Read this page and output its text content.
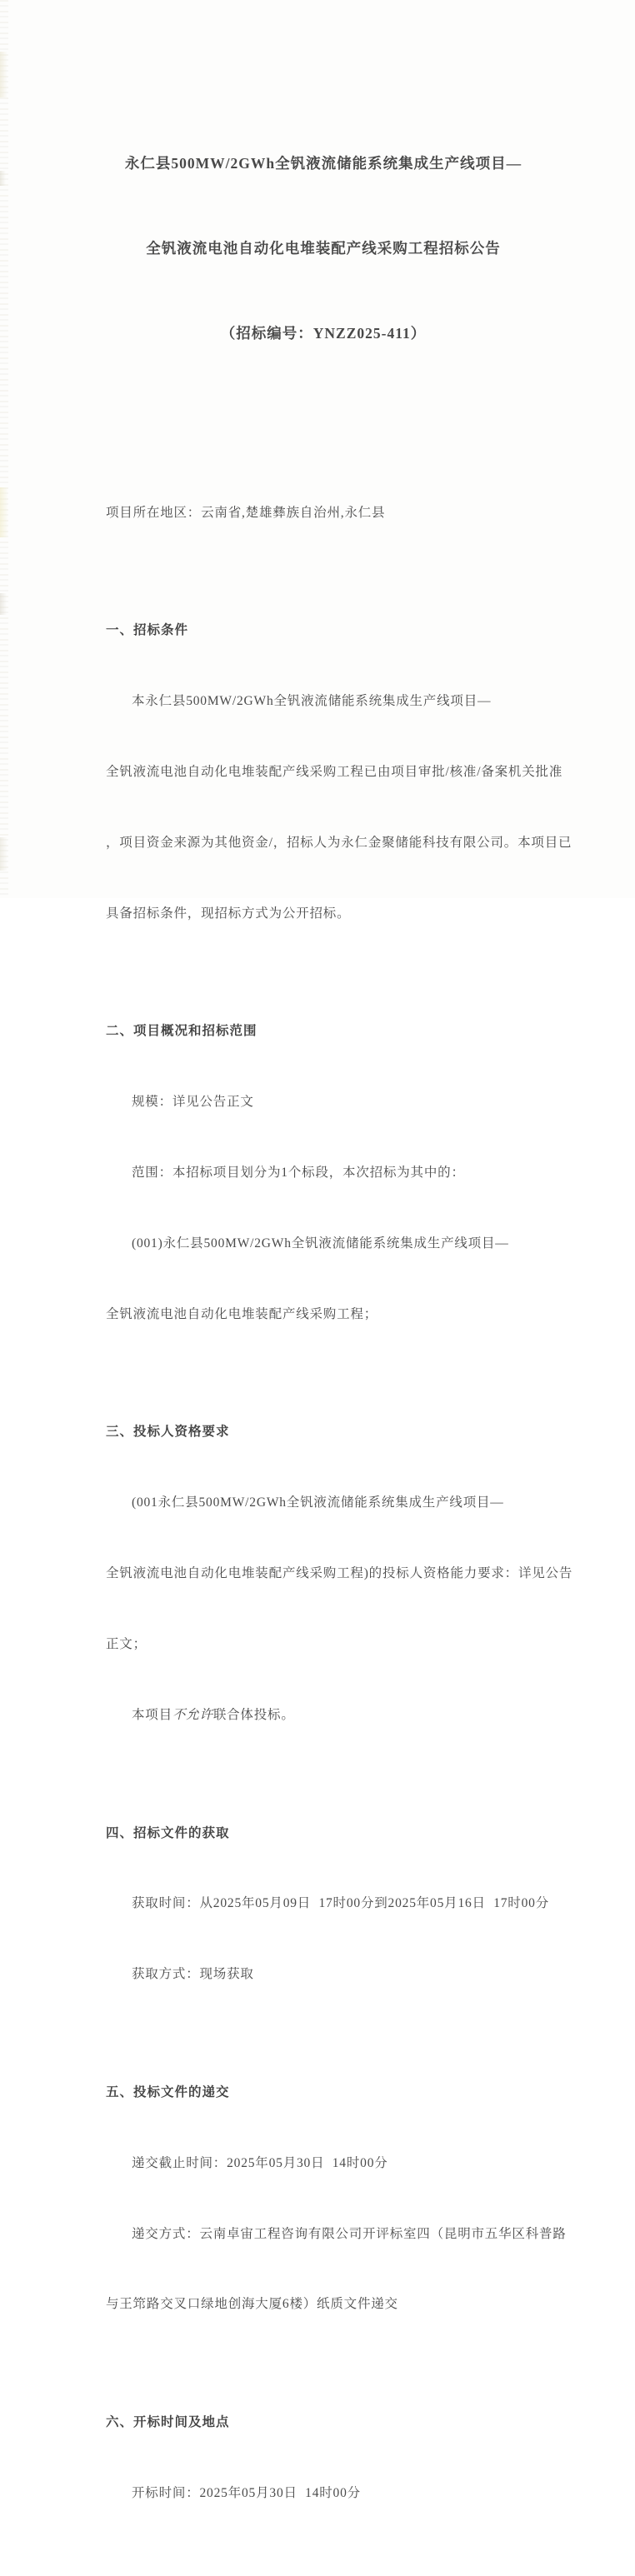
永仁县500MW/2GWh全钒液流储能系统集成生产线项目—

全钒液流电池自动化电堆装配产线采购工程招标公告

（招标编号：YNZZ025-411）

项目所在地区：云南省,楚雄彝族自治州,永仁县

一、招标条件

本永仁县500MW/2GWh全钒液流储能系统集成生产线项目—

全钒液流电池自动化电堆装配产线采购工程已由项目审批/核准/备案机关批准

，项目资金来源为其他资金/，招标人为永仁金聚储能科技有限公司。本项目已

具备招标条件，现招标方式为公开招标。

二、项目概况和招标范围

规模：详见公告正文

范围：本招标项目划分为1个标段，本次招标为其中的：

(001)永仁县500MW/2GWh全钒液流储能系统集成生产线项目—

全钒液流电池自动化电堆装配产线采购工程；

三、投标人资格要求

(001永仁县500MW/2GWh全钒液流储能系统集成生产线项目—

全钒液流电池自动化电堆装配产线采购工程)的投标人资格能力要求：详见公告

正文；

本项目不允许联合体投标。

四、招标文件的获取

获取时间：从2025年05月09日  17时00分到2025年05月16日  17时00分

获取方式：现场获取

五、投标文件的递交

递交截止时间：2025年05月30日  14时00分

递交方式：云南卓宙工程咨询有限公司开评标室四（昆明市五华区科普路

与王筇路交叉口绿地创海大厦6楼）纸质文件递交

六、开标时间及地点

开标时间：2025年05月30日  14时00分
